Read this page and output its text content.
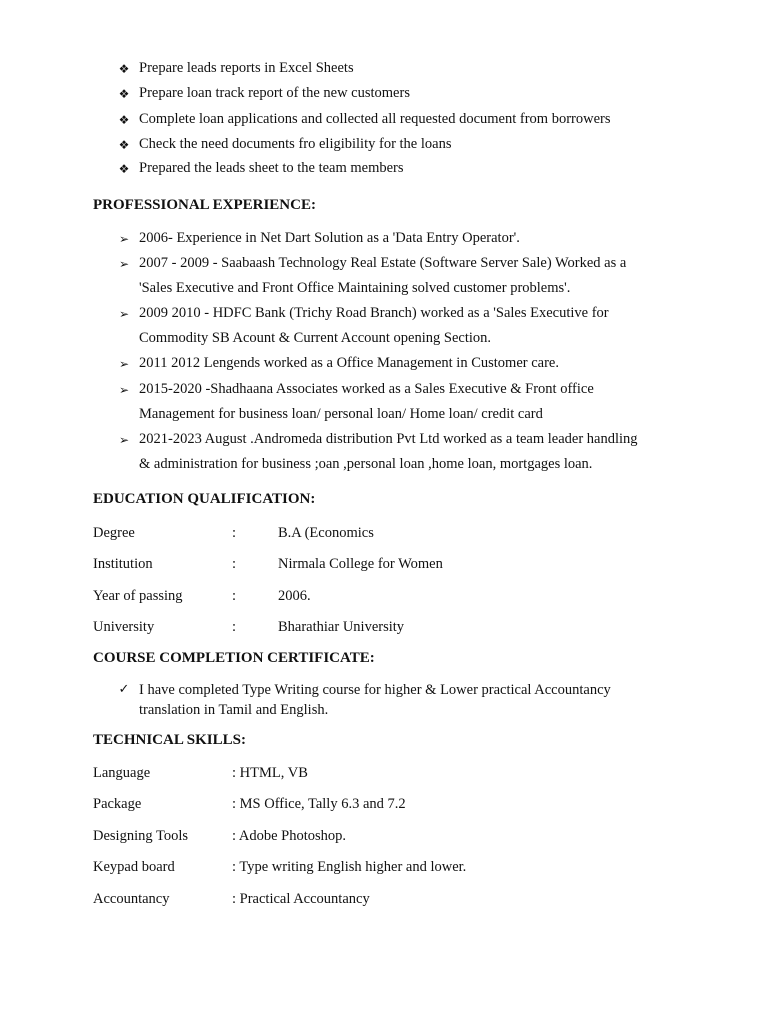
❖ Prepare leads reports in Excel Sheets
❖ Prepare loan track report of the new customers
❖ Complete loan applications and collected all requested document from borrowers
❖ Check the need documents fro eligibility for the loans
❖ Prepared the leads sheet to the team members
PROFESSIONAL EXPERIENCE:
➢ 2006- Experience in Net Dart Solution as a 'Data Entry Operator'.
➢ 2007 - 2009 - Saabaash Technology Real Estate (Software Server Sale) Worked as a
'Sales Executive and Front Office Maintaining solved customer problems'.
➢ 2009 2010 - HDFC Bank (Trichy Road Branch) worked as a 'Sales Executive for
Commodity SB Acount & Current Account opening Section.
➢ 2011 2012 Lengends worked as a Office Management in Customer care.
➢ 2015-2020 -Shadhaana Associates worked as a Sales Executive & Front office
Management for business loan/ personal loan/ Home loan/ credit card
➢ 2021-2023 August .Andromeda distribution Pvt Ltd worked as a team leader handling
& administration for business ;oan ,personal loan ,home loan, mortgages loan.
EDUCATION QUALIFICATION:
Degree	:	B.A (Economics
Institution	:	Nirmala College for Women
Year of passing	:	2006.
University	:	Bharathiar University
COURSE COMPLETION CERTIFICATE:
✓ I have completed Type Writing course for higher & Lower practical Accountancy
translation in Tamil and English.
TECHNICAL SKILLS:
Language	: HTML, VB
Package	: MS Office, Tally 6.3 and 7.2
Designing Tools	: Adobe Photoshop.
Keypad board	: Type writing English higher and lower.
Accountancy	: Practical Accountancy
